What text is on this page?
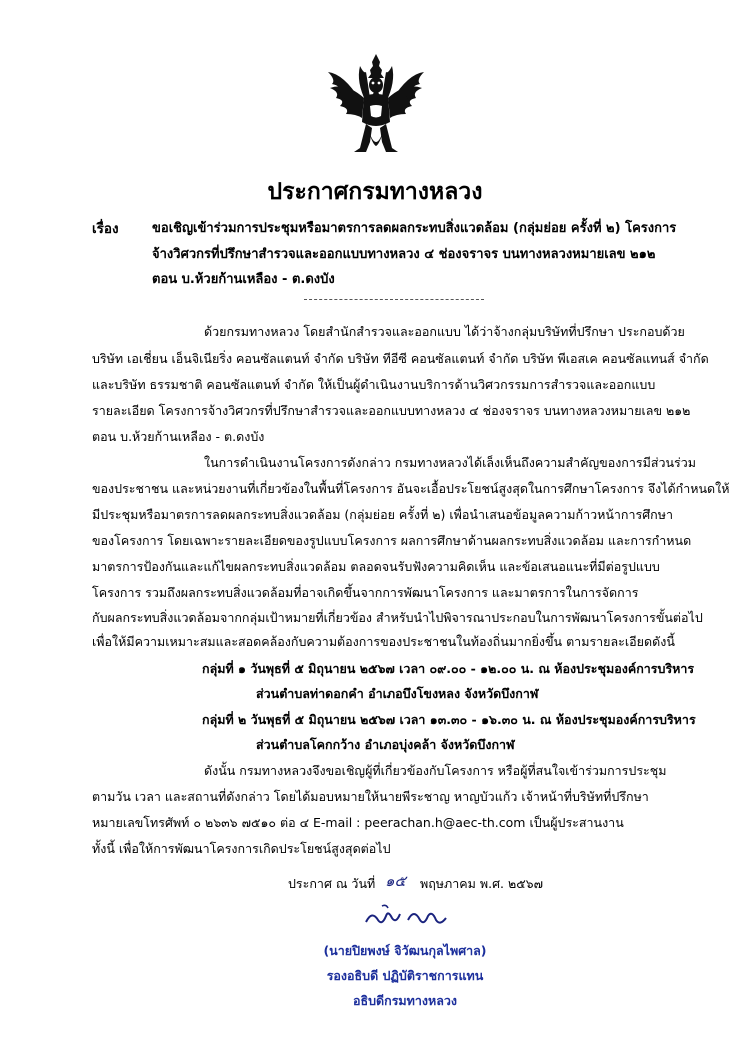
ประกาศกรมทางหลวง
เรื่อง	ขอเชิญเข้าร่วมการประชุมหรือมาตรการลดผลกระทบสิ่งแวดล้อม (กลุ่มย่อย ครั้งที่ ๒) โครงการ
จ้างวิศวกรที่ปรึกษาสำรวจและออกแบบทางหลวง ๔ ช่องจราจร บนทางหลวงหมายเลข ๒๑๒
ตอน บ.ห้วยก้านเหลือง - ต.ดงบัง
ด้วยกรมทางหลวง โดยสำนักสำรวจและออกแบบ ได้ว่าจ้างกลุ่มบริษัทที่ปรึกษา ประกอบด้วย
บริษัท เอเชี่ยน เอ็นจิเนียริ่ง คอนซัลแตนท์ จำกัด บริษัท ทีอีซี คอนซัลแตนท์ จำกัด บริษัท พีเอสเค คอนซัลแทนส์ จำกัด
และบริษัท ธรรมชาติ คอนซัลแตนท์ จำกัด ให้เป็นผู้ดำเนินงานบริการด้านวิศวกรรมการสำรวจและออกแบบ
รายละเอียด โครงการจ้างวิศวกรที่ปรึกษาสำรวจและออกแบบทางหลวง ๔ ช่องจราจร บนทางหลวงหมายเลข ๒๑๒
ตอน บ.ห้วยก้านเหลือง - ต.ดงบัง
ในการดำเนินงานโครงการดังกล่าว กรมทางหลวงได้เล็งเห็นถึงความสำคัญของการมีส่วนร่วม
ของประชาชน และหน่วยงานที่เกี่ยวข้องในพื้นที่โครงการ อันจะเอื้อประโยชน์สูงสุดในการศึกษาโครงการ จึงได้กำหนดให้
มีประชุมหรือมาตรการลดผลกระทบสิ่งแวดล้อม (กลุ่มย่อย ครั้งที่ ๒) เพื่อนำเสนอข้อมูลความก้าวหน้าการศึกษา
ของโครงการ โดยเฉพาะรายละเอียดของรูปแบบโครงการ ผลการศึกษาด้านผลกระทบสิ่งแวดล้อม และการกำหนด
มาตรการป้องกันและแก้ไขผลกระทบสิ่งแวดล้อม ตลอดจนรับฟังความคิดเห็น และข้อเสนอแนะที่มีต่อรูปแบบ
โครงการ รวมถึงผลกระทบสิ่งแวดล้อมที่อาจเกิดขึ้นจากการพัฒนาโครงการ และมาตรการในการจัดการ
กับผลกระทบสิ่งแวดล้อมจากกลุ่มเป้าหมายที่เกี่ยวข้อง สำหรับนำไปพิจารณาประกอบในการพัฒนาโครงการขั้นต่อไป
เพื่อให้มีความเหมาะสมและสอดคล้องกับความต้องการของประชาชนในท้องถิ่นมากยิ่งขึ้น ตามรายละเอียดดังนี้
กลุ่มที่ ๑ วันพุธที่ ๕ มิถุนายน ๒๕๖๗ เวลา ๐๙.๐๐ - ๑๒.๐๐ น. ณ ห้องประชุมองค์การบริหาร
ส่วนตำบลท่าดอกคำ อำเภอบึงโขงหลง จังหวัดบึงกาฬ
กลุ่มที่ ๒ วันพุธที่ ๕ มิถุนายน ๒๕๖๗ เวลา ๑๓.๓๐ - ๑๖.๓๐ น. ณ ห้องประชุมองค์การบริหาร
ส่วนตำบลโคกกว้าง อำเภอบุ่งคล้า จังหวัดบึงกาฬ
ดังนั้น กรมทางหลวงจึงขอเชิญผู้ที่เกี่ยวข้องกับโครงการ หรือผู้ที่สนใจเข้าร่วมการประชุม
ตามวัน เวลา และสถานที่ดังกล่าว โดยได้มอบหมายให้นายพีระชาญ หาญบัวแก้ว เจ้าหน้าที่บริษัทที่ปรึกษา
หมายเลขโทรศัพท์ ๐ ๒๖๓๖ ๗๕๑๐ ต่อ ๔ E-mail : peerachan.h@aec-th.com เป็นผู้ประสานงาน
ทั้งนี้ เพื่อให้การพัฒนาโครงการเกิดประโยชน์สูงสุดต่อไป
ประกาศ ณ วันที่ ๑๕ พฤษภาคม พ.ศ. ๒๕๖๗
(นายปิยพงษ์ จิวัฒนกุลไพศาล)
รองอธิบดี ปฏิบัติราชการแทน
อธิบดีกรมทางหลวง
